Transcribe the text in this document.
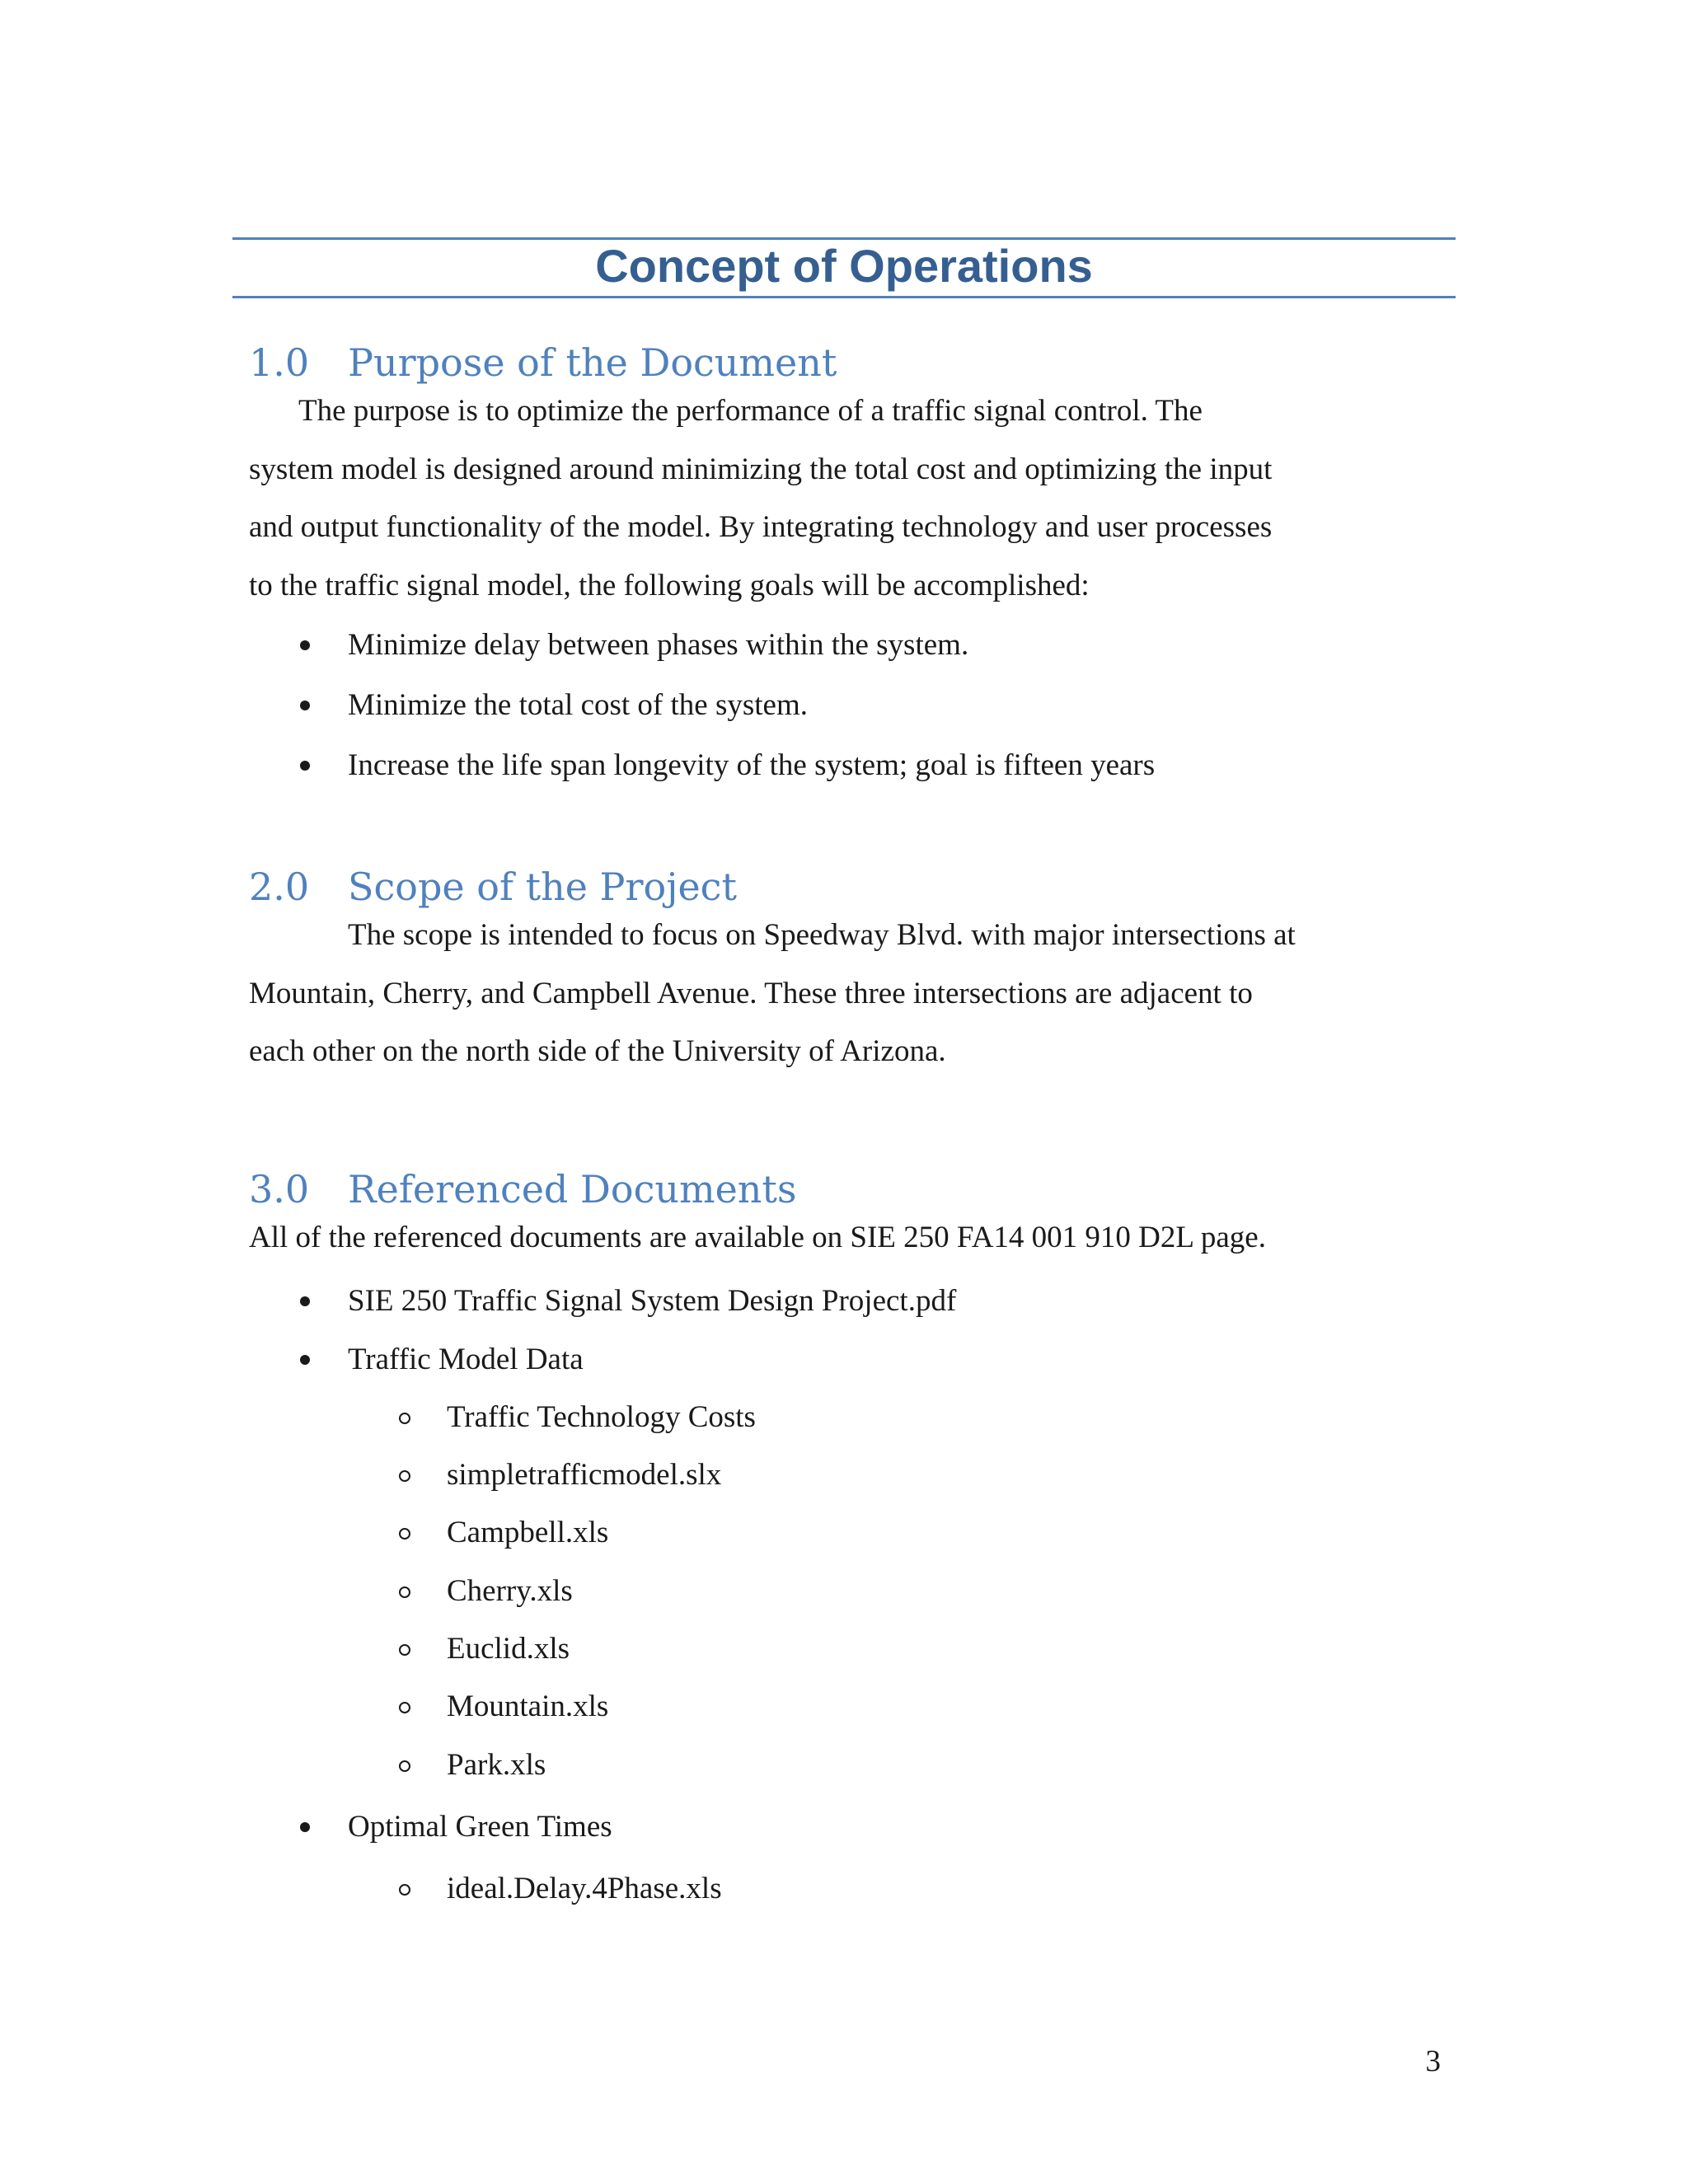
Concept of Operations
1.0	Purpose of the Document

The purpose is to optimize the performance of a traffic signal control. The

system model is designed around minimizing the total cost and optimizing the input

and output functionality of the model. By integrating technology and user processes

to the traffic signal model, the following goals will be accomplished:

Minimize delay between phases within the system.
Minimize the total cost of the system.
Increase the life span longevity of the system; goal is fifteen years
2.0	Scope of the Project

The scope is intended to focus on Speedway Blvd. with major intersections at

Mountain, Cherry, and Campbell Avenue. These three intersections are adjacent to

each other on the north side of the University of Arizona.

3.0	Referenced Documents

All of the referenced documents are available on SIE 250 FA14 001 910 D2L page.

SIE 250 Traffic Signal System Design Project.pdf
Traffic Model Data
Traffic Technology Costs
simpletrafficmodel.slx
Campbell.xls
Cherry.xls
Euclid.xls
Mountain.xls
Park.xls
Optimal Green Times
ideal.Delay.4Phase.xls
3
